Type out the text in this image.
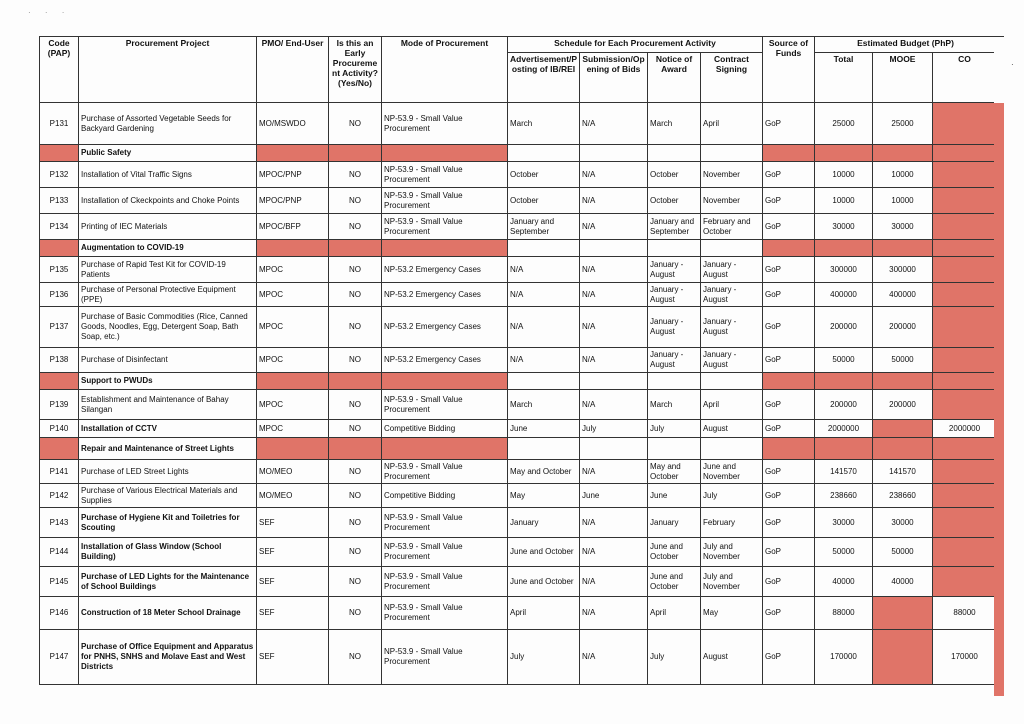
· · ·
Code (PAP)	Procurement Project	PMO/ End-User	Is this an Early Procureme nt Activity? (Yes/No)	Mode of Procurement	Schedule for Each Procurement Activity				Source of Funds	Estimated Budget (PhP)		
					Advertisement/P osting of IB/REI	Submission/Op ening of Bids	Notice of Award	Contract Signing		Total	MOOE	CO
P131	Purchase of Assorted Vegetable Seeds for Backyard Gardening	MO/MSWDO	NO	NP-53.9 - Small Value Procurement	March	N/A	March	April	GoP	25000	25000	
	Public Safety											
P132	Installation of Vital Traffic Signs	MPOC/PNP	NO	NP-53.9 - Small Value Procurement	October	N/A	October	November	GoP	10000	10000	
P133	Installation of Ckeckpoints and Choke Points	MPOC/PNP	NO	NP-53.9 - Small Value Procurement	October	N/A	October	November	GoP	10000	10000	
P134	Printing of IEC Materials	MPOC/BFP	NO	NP-53.9 - Small Value Procurement	January and September	N/A	January and September	February and October	GoP	30000	30000	
	Augmentation to COVID-19											
P135	Purchase of Rapid Test Kit for COVID-19 Patients	MPOC	NO	NP-53.2 Emergency Cases	N/A	N/A	January - August	January - August	GoP	300000	300000	
P136	Purchase of Personal Protective Equipment (PPE)	MPOC	NO	NP-53.2 Emergency Cases	N/A	N/A	January - August	January - August	GoP	400000	400000	
P137	Purchase of Basic Commodities (Rice, Canned Goods, Noodles, Egg, Detergent Soap, Bath Soap, etc.)	MPOC	NO	NP-53.2 Emergency Cases	N/A	N/A	January - August	January - August	GoP	200000	200000	
P138	Purchase of Disinfectant	MPOC	NO	NP-53.2 Emergency Cases	N/A	N/A	January - August	January - August	GoP	50000	50000	
	Support to PWUDs											
P139	Establishment and Maintenance of Bahay Silangan	MPOC	NO	NP-53.9 - Small Value Procurement	March	N/A	March	April	GoP	200000	200000	
P140	Installation of CCTV	MPOC	NO	Competitive Bidding	June	July	July	August	GoP	2000000		2000000
	Repair and Maintenance of Street Lights											
P141	Purchase of LED Street Lights	MO/MEO	NO	NP-53.9 - Small Value Procurement	May and October	N/A	May and October	June and November	GoP	141570	141570	
P142	Purchase of Various Electrical Materials and Supplies	MO/MEO	NO	Competitive Bidding	May	June	June	July	GoP	238660	238660	
P143	Purchase of Hygiene Kit and Toiletries for Scouting	SEF	NO	NP-53.9 - Small Value Procurement	January	N/A	January	February	GoP	30000	30000	
P144	Installation of Glass Window (School Building)	SEF	NO	NP-53.9 - Small Value Procurement	June and October	N/A	June and October	July and November	GoP	50000	50000	
P145	Purchase of LED Lights for the Maintenance of School Buildings	SEF	NO	NP-53.9 - Small Value Procurement	June and October	N/A	June and October	July and November	GoP	40000	40000	
P146	Construction of 18 Meter School Drainage	SEF	NO	NP-53.9 - Small Value Procurement	April	N/A	April	May	GoP	88000		88000
P147	Purchase of Office Equipment and Apparatus for PNHS, SNHS and Molave East and West Districts	SEF	NO	NP-53.9 - Small Value Procurement	July	N/A	July	August	GoP	170000		170000
·
